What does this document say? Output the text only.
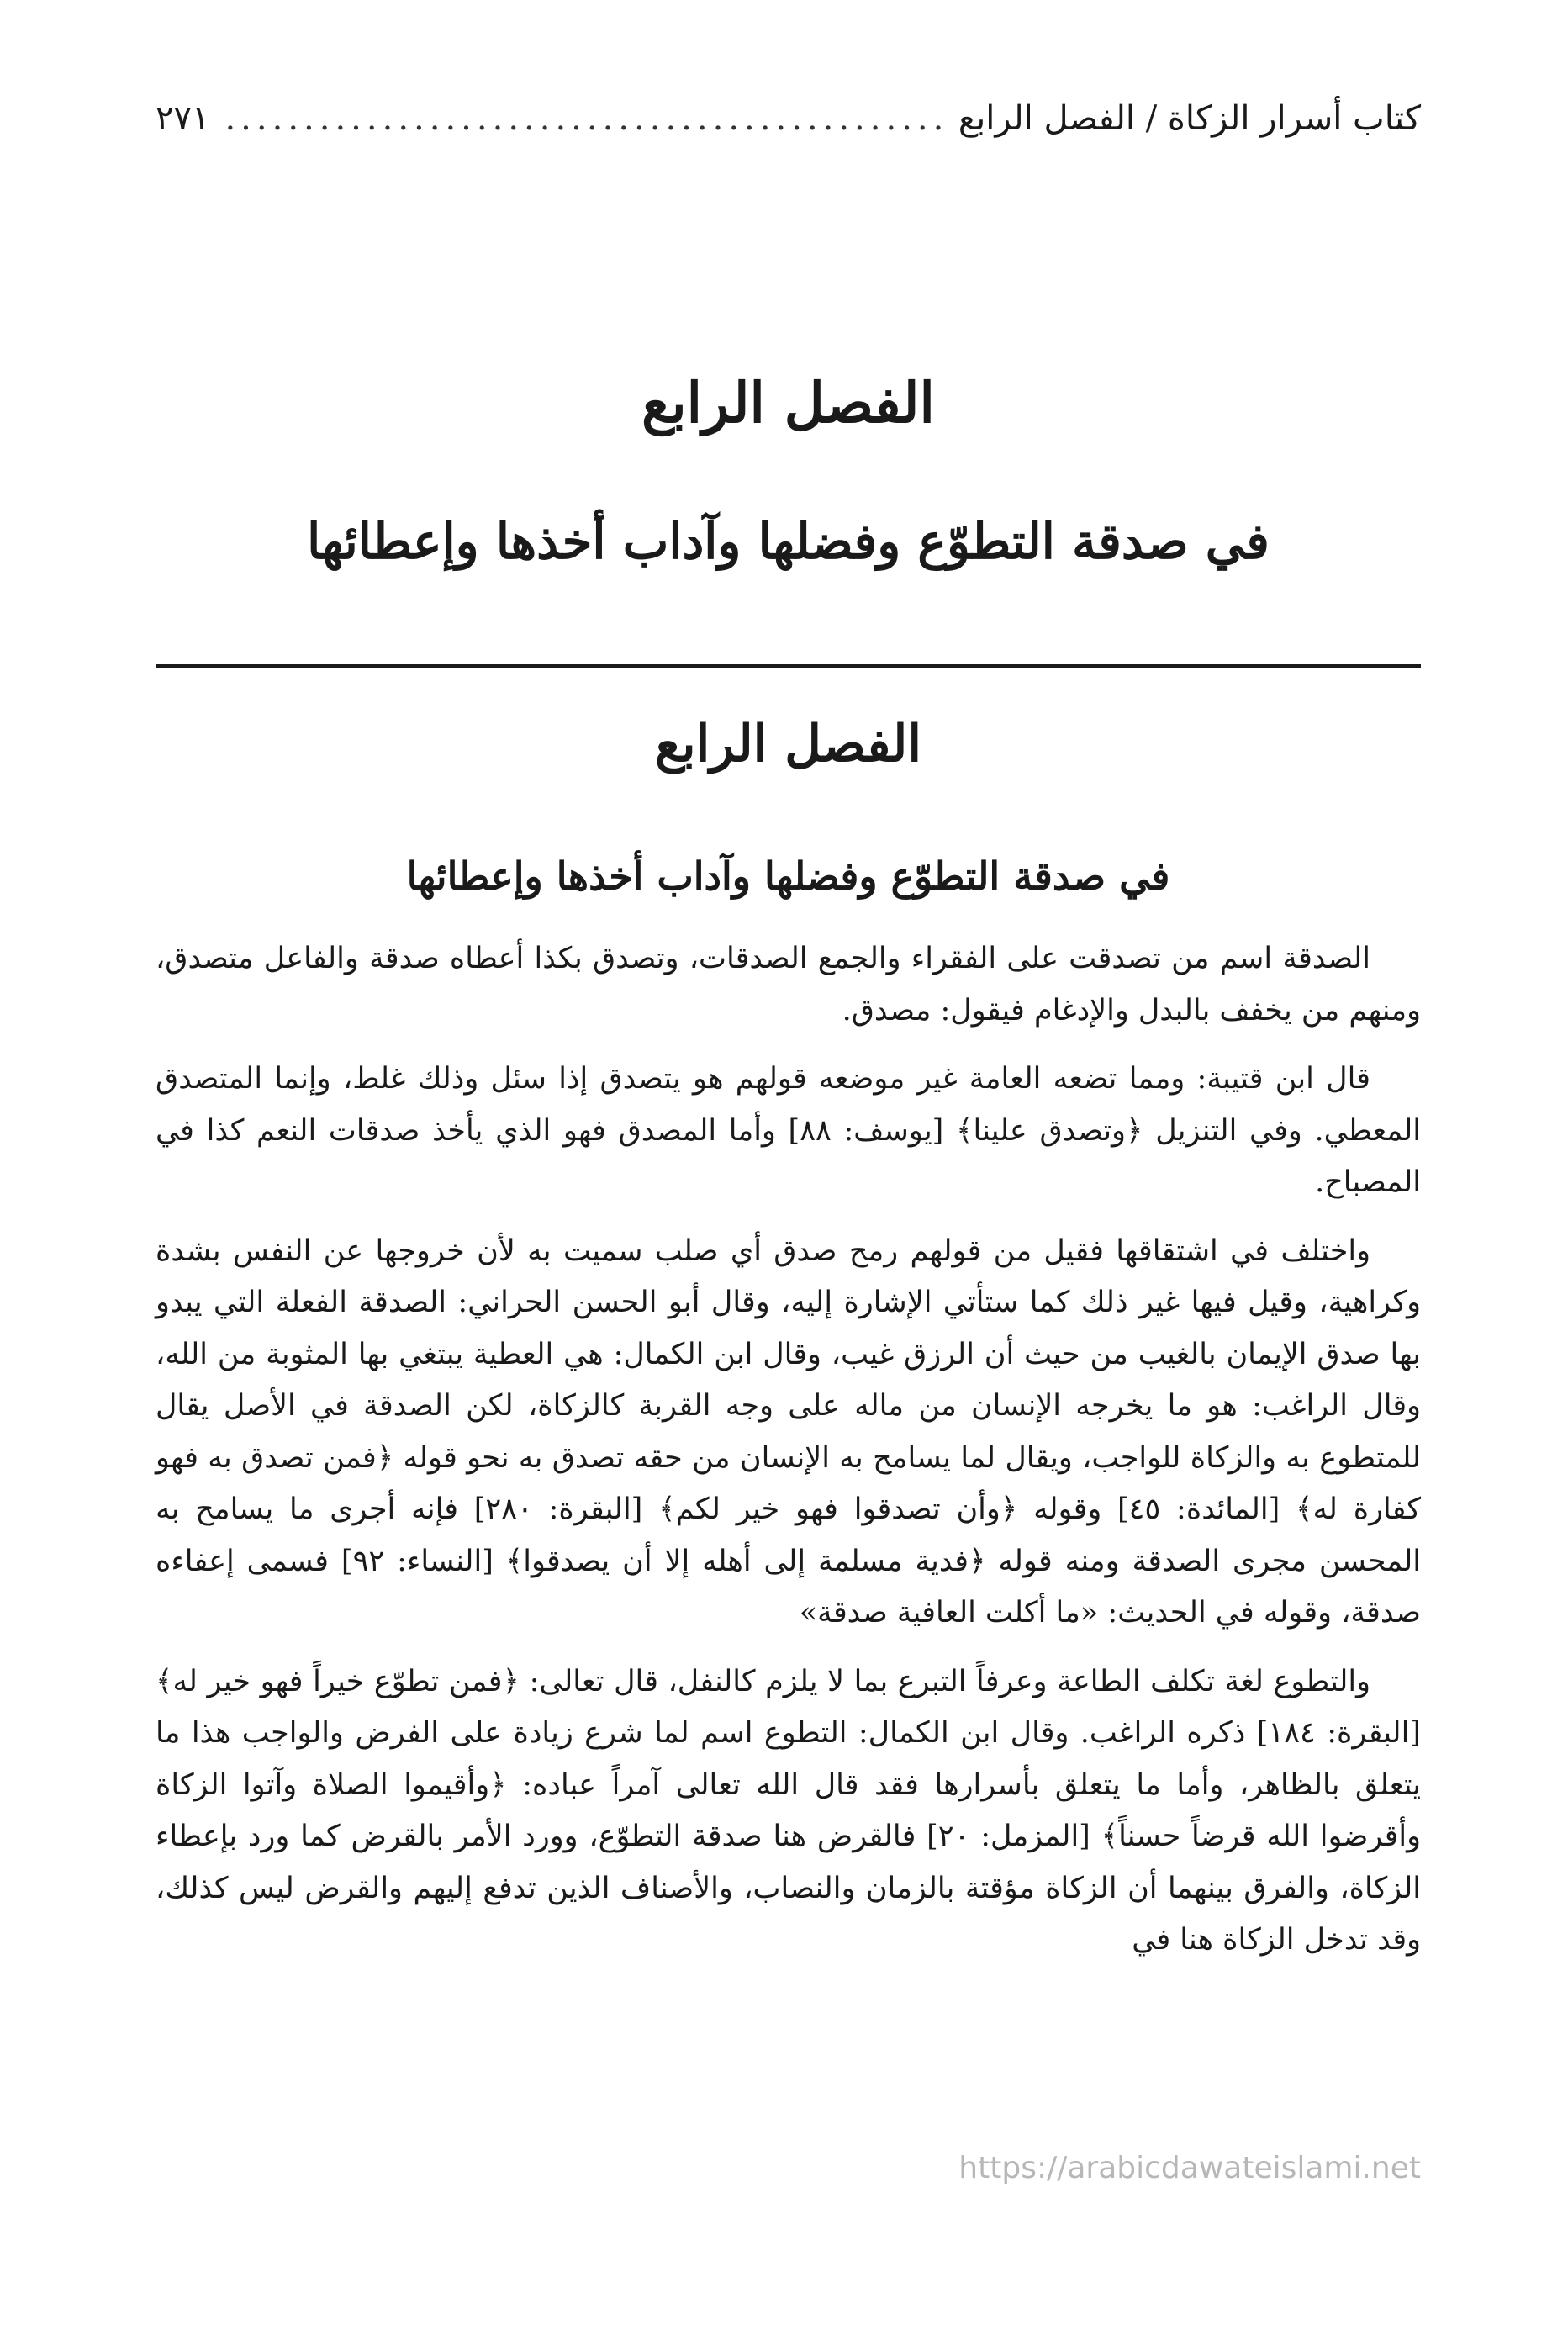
كتاب أسرار الزكاة / الفصل الرابع
.....
٢٧١
الفصل الرابع
في صدقة التطوّع وفضلها وآداب أخذها وإعطائها
الفصل الرابع
في صدقة التطوّع وفضلها وآداب أخذها وإعطائها

الصدقة اسم من تصدقت على الفقراء والجمع الصدقات، وتصدق بكذا أعطاه صدقة والفاعل متصدق، ومنهم من يخفف بالبدل والإدغام فيقول: مصدق.

قال ابن قتيبة: ومما تضعه العامة غير موضعه قولهم هو يتصدق إذا سئل وذلك غلط، وإنما المتصدق المعطي. وفي التنزيل ﴿وتصدق علينا﴾ [يوسف: ٨٨] وأما المصدق فهو الذي يأخذ صدقات النعم كذا في المصباح.

واختلف في اشتقاقها فقيل من قولهم رمح صدق أي صلب سميت به لأن خروجها عن النفس بشدة وكراهية، وقيل فيها غير ذلك كما ستأتي الإشارة إليه، وقال أبو الحسن الحراني: الصدقة الفعلة التي يبدو بها صدق الإيمان بالغيب من حيث أن الرزق غيب، وقال ابن الكمال: هي العطية يبتغي بها المثوبة من الله، وقال الراغب: هو ما يخرجه الإنسان من ماله على وجه القربة كالزكاة، لكن الصدقة في الأصل يقال للمتطوع به والزكاة للواجب، ويقال لما يسامح به الإنسان من حقه تصدق به نحو قوله ﴿فمن تصدق به فهو كفارة له﴾ [المائدة: ٤٥] وقوله ﴿وأن تصدقوا فهو خير لكم﴾ [البقرة: ٢٨٠] فإنه أجرى ما يسامح به المحسن مجرى الصدقة ومنه قوله ﴿فدية مسلمة إلى أهله إلا أن يصدقوا﴾ [النساء: ٩٢] فسمى إعفاءه صدقة، وقوله في الحديث: «ما أكلت العافية صدقة»

والتطوع لغة تكلف الطاعة وعرفاً التبرع بما لا يلزم كالنفل، قال تعالى: ﴿فمن تطوّع خيراً فهو خير له﴾ [البقرة: ١٨٤] ذكره الراغب. وقال ابن الكمال: التطوع اسم لما شرع زيادة على الفرض والواجب هذا ما يتعلق بالظاهر، وأما ما يتعلق بأسرارها فقد قال الله تعالى آمراً عباده: ﴿وأقيموا الصلاة وآتوا الزكاة وأقرضوا الله قرضاً حسناً﴾ [المزمل: ٢٠] فالقرض هنا صدقة التطوّع، وورد الأمر بالقرض كما ورد بإعطاء الزكاة، والفرق بينهما أن الزكاة مؤقتة بالزمان والنصاب، والأصناف الذين تدفع إليهم والقرض ليس كذلك، وقد تدخل الزكاة هنا في

https://arabicdawateislami.net
